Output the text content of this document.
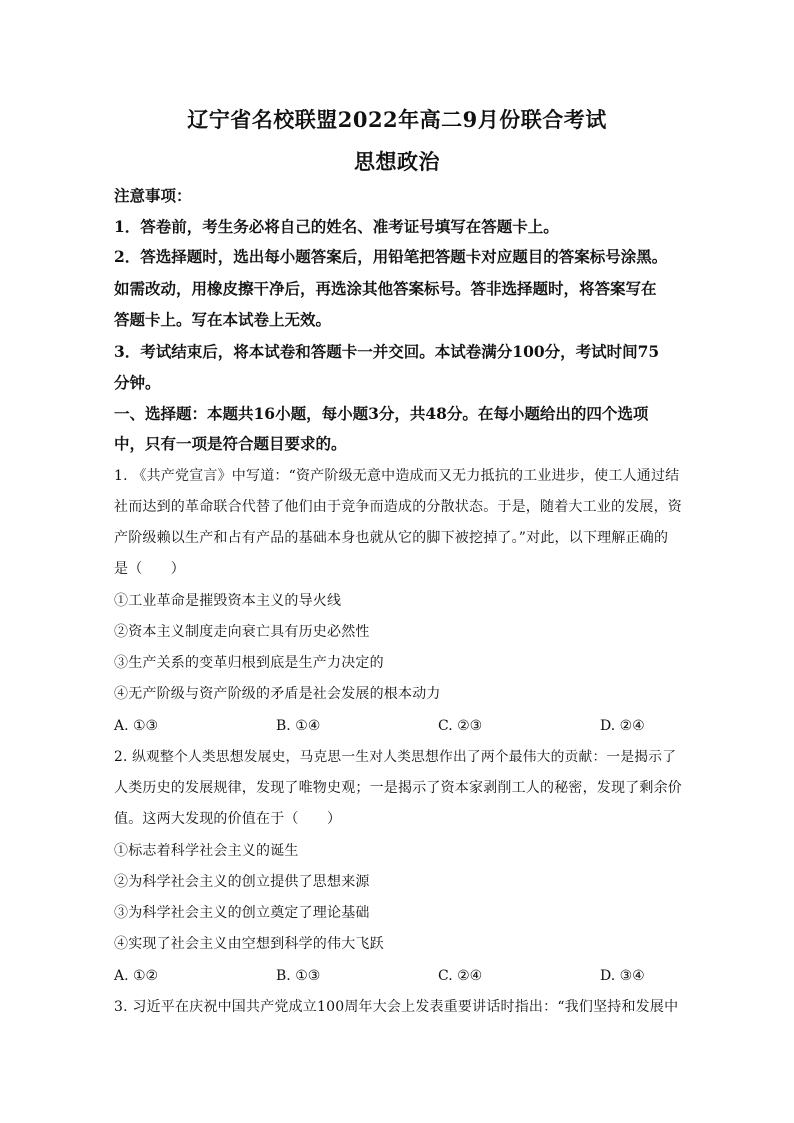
辽宁省名校联盟2022年高二9月份联合考试
思想政治
注意事项：
1．答卷前，考生务必将自己的姓名、准考证号填写在答题卡上。
2．答选择题时，选出每小题答案后，用铅笔把答题卡对应题目的答案标号涂黑。
如需改动，用橡皮擦干净后，再选涂其他答案标号。答非选择题时，将答案写在
答题卡上。写在本试卷上无效。
3．考试结束后，将本试卷和答题卡一并交回。本试卷满分100分，考试时间75
分钟。
一、选择题：本题共16小题，每小题3分，共48分。在每小题给出的四个选项
中，只有一项是符合题目要求的。
1. 《共产党宣言》中写道：“资产阶级无意中造成而又无力抵抗的工业进步，使工人通过结
社而达到的革命联合代替了他们由于竞争而造成的分散状态。于是，随着大工业的发展，资
产阶级赖以生产和占有产品的基础本身也就从它的脚下被挖掉了。”对此，以下理解正确的
是（　　）
①工业革命是摧毁资本主义的导火线
②资本主义制度走向衰亡具有历史必然性
③生产关系的变革归根到底是生产力决定的
④无产阶级与资产阶级的矛盾是社会发展的根本动力
A. ①③	B. ①④	C. ②③	D. ②④
2. 纵观整个人类思想发展史，马克思一生对人类思想作出了两个最伟大的贡献：一是揭示了
人类历史的发展规律，发现了唯物史观；一是揭示了资本家剥削工人的秘密，发现了剩余价
值。这两大发现的价值在于（　　）
①标志着科学社会主义的诞生
②为科学社会主义的创立提供了思想来源
③为科学社会主义的创立奠定了理论基础
④实现了社会主义由空想到科学的伟大飞跃
A. ①②	B. ①③	C. ②④	D. ③④
3. 习近平在庆祝中国共产党成立100周年大会上发表重要讲话时指出：“我们坚持和发展中
